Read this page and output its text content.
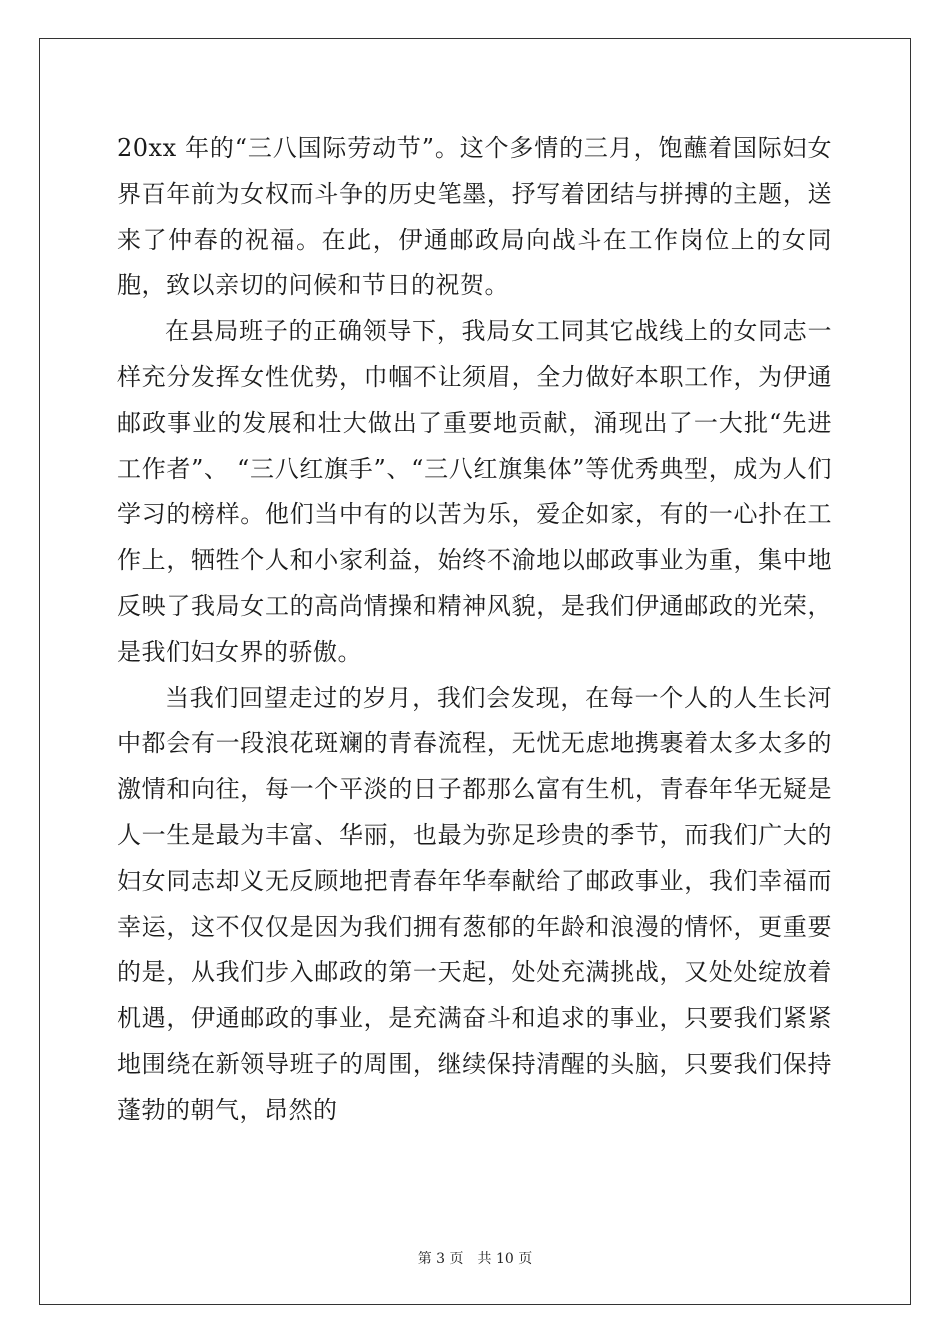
20xx 年的“三八国际劳动节”。这个多情的三月，饱蘸着国际妇女界百年前为女权而斗争的历史笔墨，抒写着团结与拼搏的主题，送来了仲春的祝福。在此，伊通邮政局向战斗在工作岗位上的女同胞，致以亲切的问候和节日的祝贺。

在县局班子的正确领导下，我局女工同其它战线上的女同志一样充分发挥女性优势，巾帼不让须眉，全力做好本职工作，为伊通邮政事业的发展和壮大做出了重要地贡献，涌现出了一大批“先进工作者”、 “三八红旗手”、“三八红旗集体”等优秀典型，成为人们学习的榜样。他们当中有的以苦为乐，爱企如家，有的一心扑在工作上，牺牲个人和小家利益，始终不渝地以邮政事业为重，集中地反映了我局女工的高尚情操和精神风貌，是我们伊通邮政的光荣，是我们妇女界的骄傲。

当我们回望走过的岁月，我们会发现，在每一个人的人生长河中都会有一段浪花斑斓的青春流程，无忧无虑地携裹着太多太多的激情和向往，每一个平淡的日子都那么富有生机，青春年华无疑是人一生是最为丰富、华丽，也最为弥足珍贵的季节，而我们广大的妇女同志却义无反顾地把青春年华奉献给了邮政事业，我们幸福而幸运，这不仅仅是因为我们拥有葱郁的年龄和浪漫的情怀，更重要的是，从我们步入邮政的第一天起，处处充满挑战，又处处绽放着机遇，伊通邮政的事业，是充满奋斗和追求的事业，只要我们紧紧地围绕在新领导班子的周围，继续保持清醒的头脑，只要我们保持蓬勃的朝气，昂然的

第 3 页 共 10 页
